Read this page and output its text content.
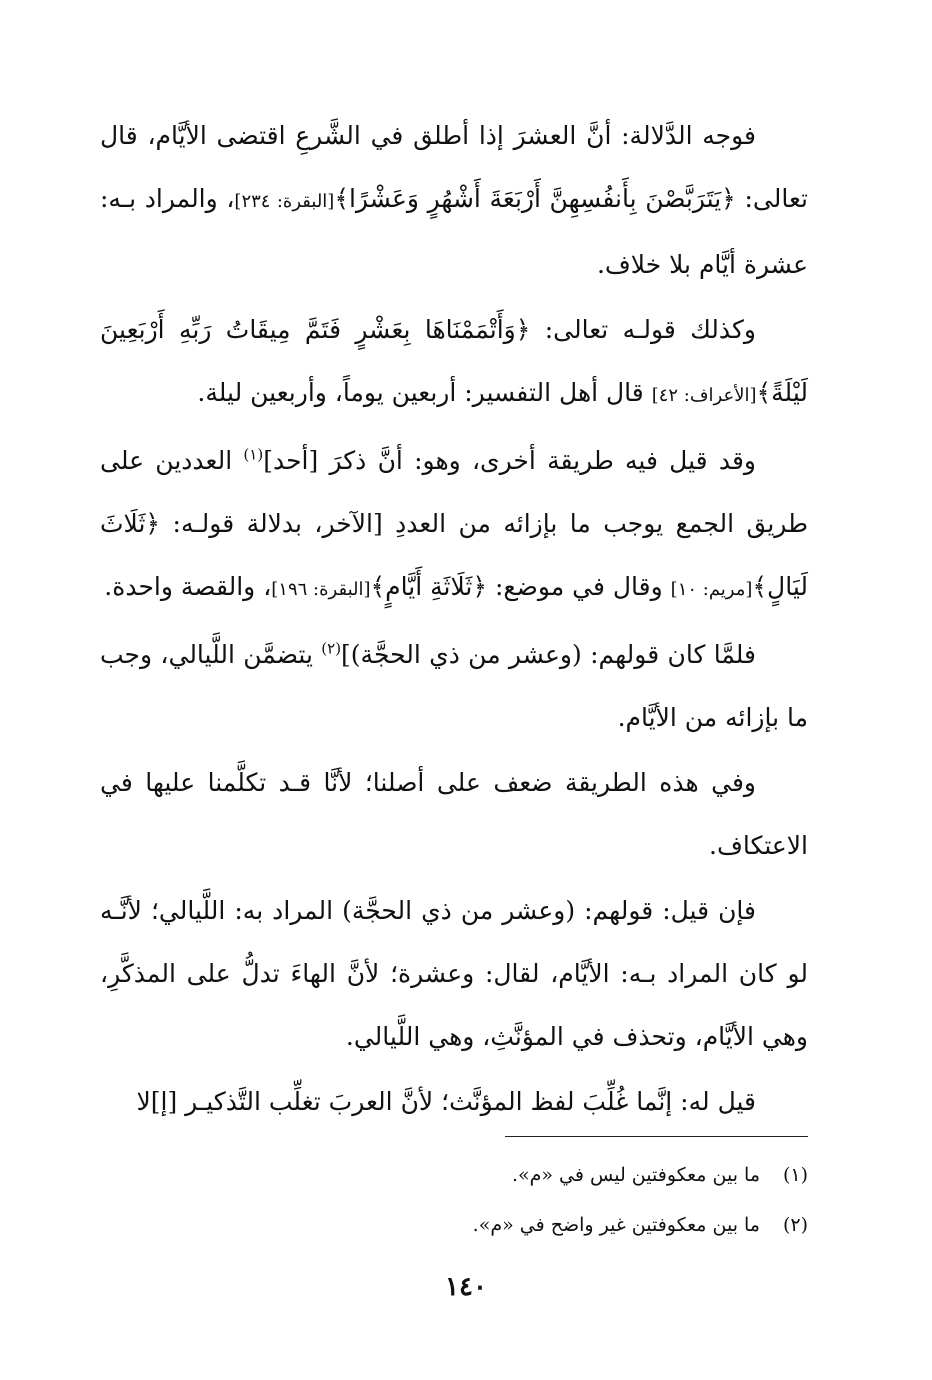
فوجه الدَّلالة: أنَّ العشرَ إذا أطلق في الشَّرعِ اقتضى الأيَّام، قال تعالى: ﴿يَتَرَبَّصْنَ بِأَنفُسِهِنَّ أَرْبَعَةَ أَشْهُرٍ وَعَشْرًا﴾[البقرة: ٢٣٤]، والمراد بـه: عشرة أيَّام بلا خلاف.

وكذلك قولـه تعالى: ﴿وَأَتْمَمْنَاهَا بِعَشْرٍ فَتَمَّ مِيقَاتُ رَبِّهِ أَرْبَعِينَ لَيْلَةً﴾[الأعراف: ٤٢] قال أهل التفسير: أربعين يوماً، وأربعين ليلة.

وقد قيل فيه طريقة أخرى، وهو: أنَّ ذكرَ [أحد]$^{(١)}$ العددين على طريق الجمع يوجب ما بإزائه من العددِ [الآخر، بدلالة قولـه: ﴿ثَلَاثَ لَيَالٍ﴾[مريم: ١٠] وقال في موضع: ﴿ثَلَاثَةِ أَيَّامٍ﴾[البقرة: ١٩٦]، والقصة واحدة.

فلمَّا كان قولهم: (وعشر من ذي الحجَّة)]$^{(٢)}$ يتضمَّن اللَّيالي، وجب ما بإزائه من الأيَّام.

وفي هذه الطريقة ضعف على أصلنا؛ لأنَّا قـد تكلَّمنا عليها في الاعتكاف.

فإن قيل: قولهم: (وعشر من ذي الحجَّة) المراد به: اللَّيالي؛ لأنَّـه لو كان المراد بـه: الأيَّام، لقال: وعشرة؛ لأنَّ الهاءَ تدلُّ على المذكَّرِ، وهي الأيَّام، وتحذف في المؤنَّثِ، وهي اللَّيالي.

قيل له: إنَّما غُلِّبَ لفظ المؤنَّث؛ لأنَّ العربَ تغلِّب التَّذكيـر [إ]لا

(١)ما بين معكوفتين ليس في «م».

(٢)ما بين معكوفتين غير واضح في «م».

١٤٠
